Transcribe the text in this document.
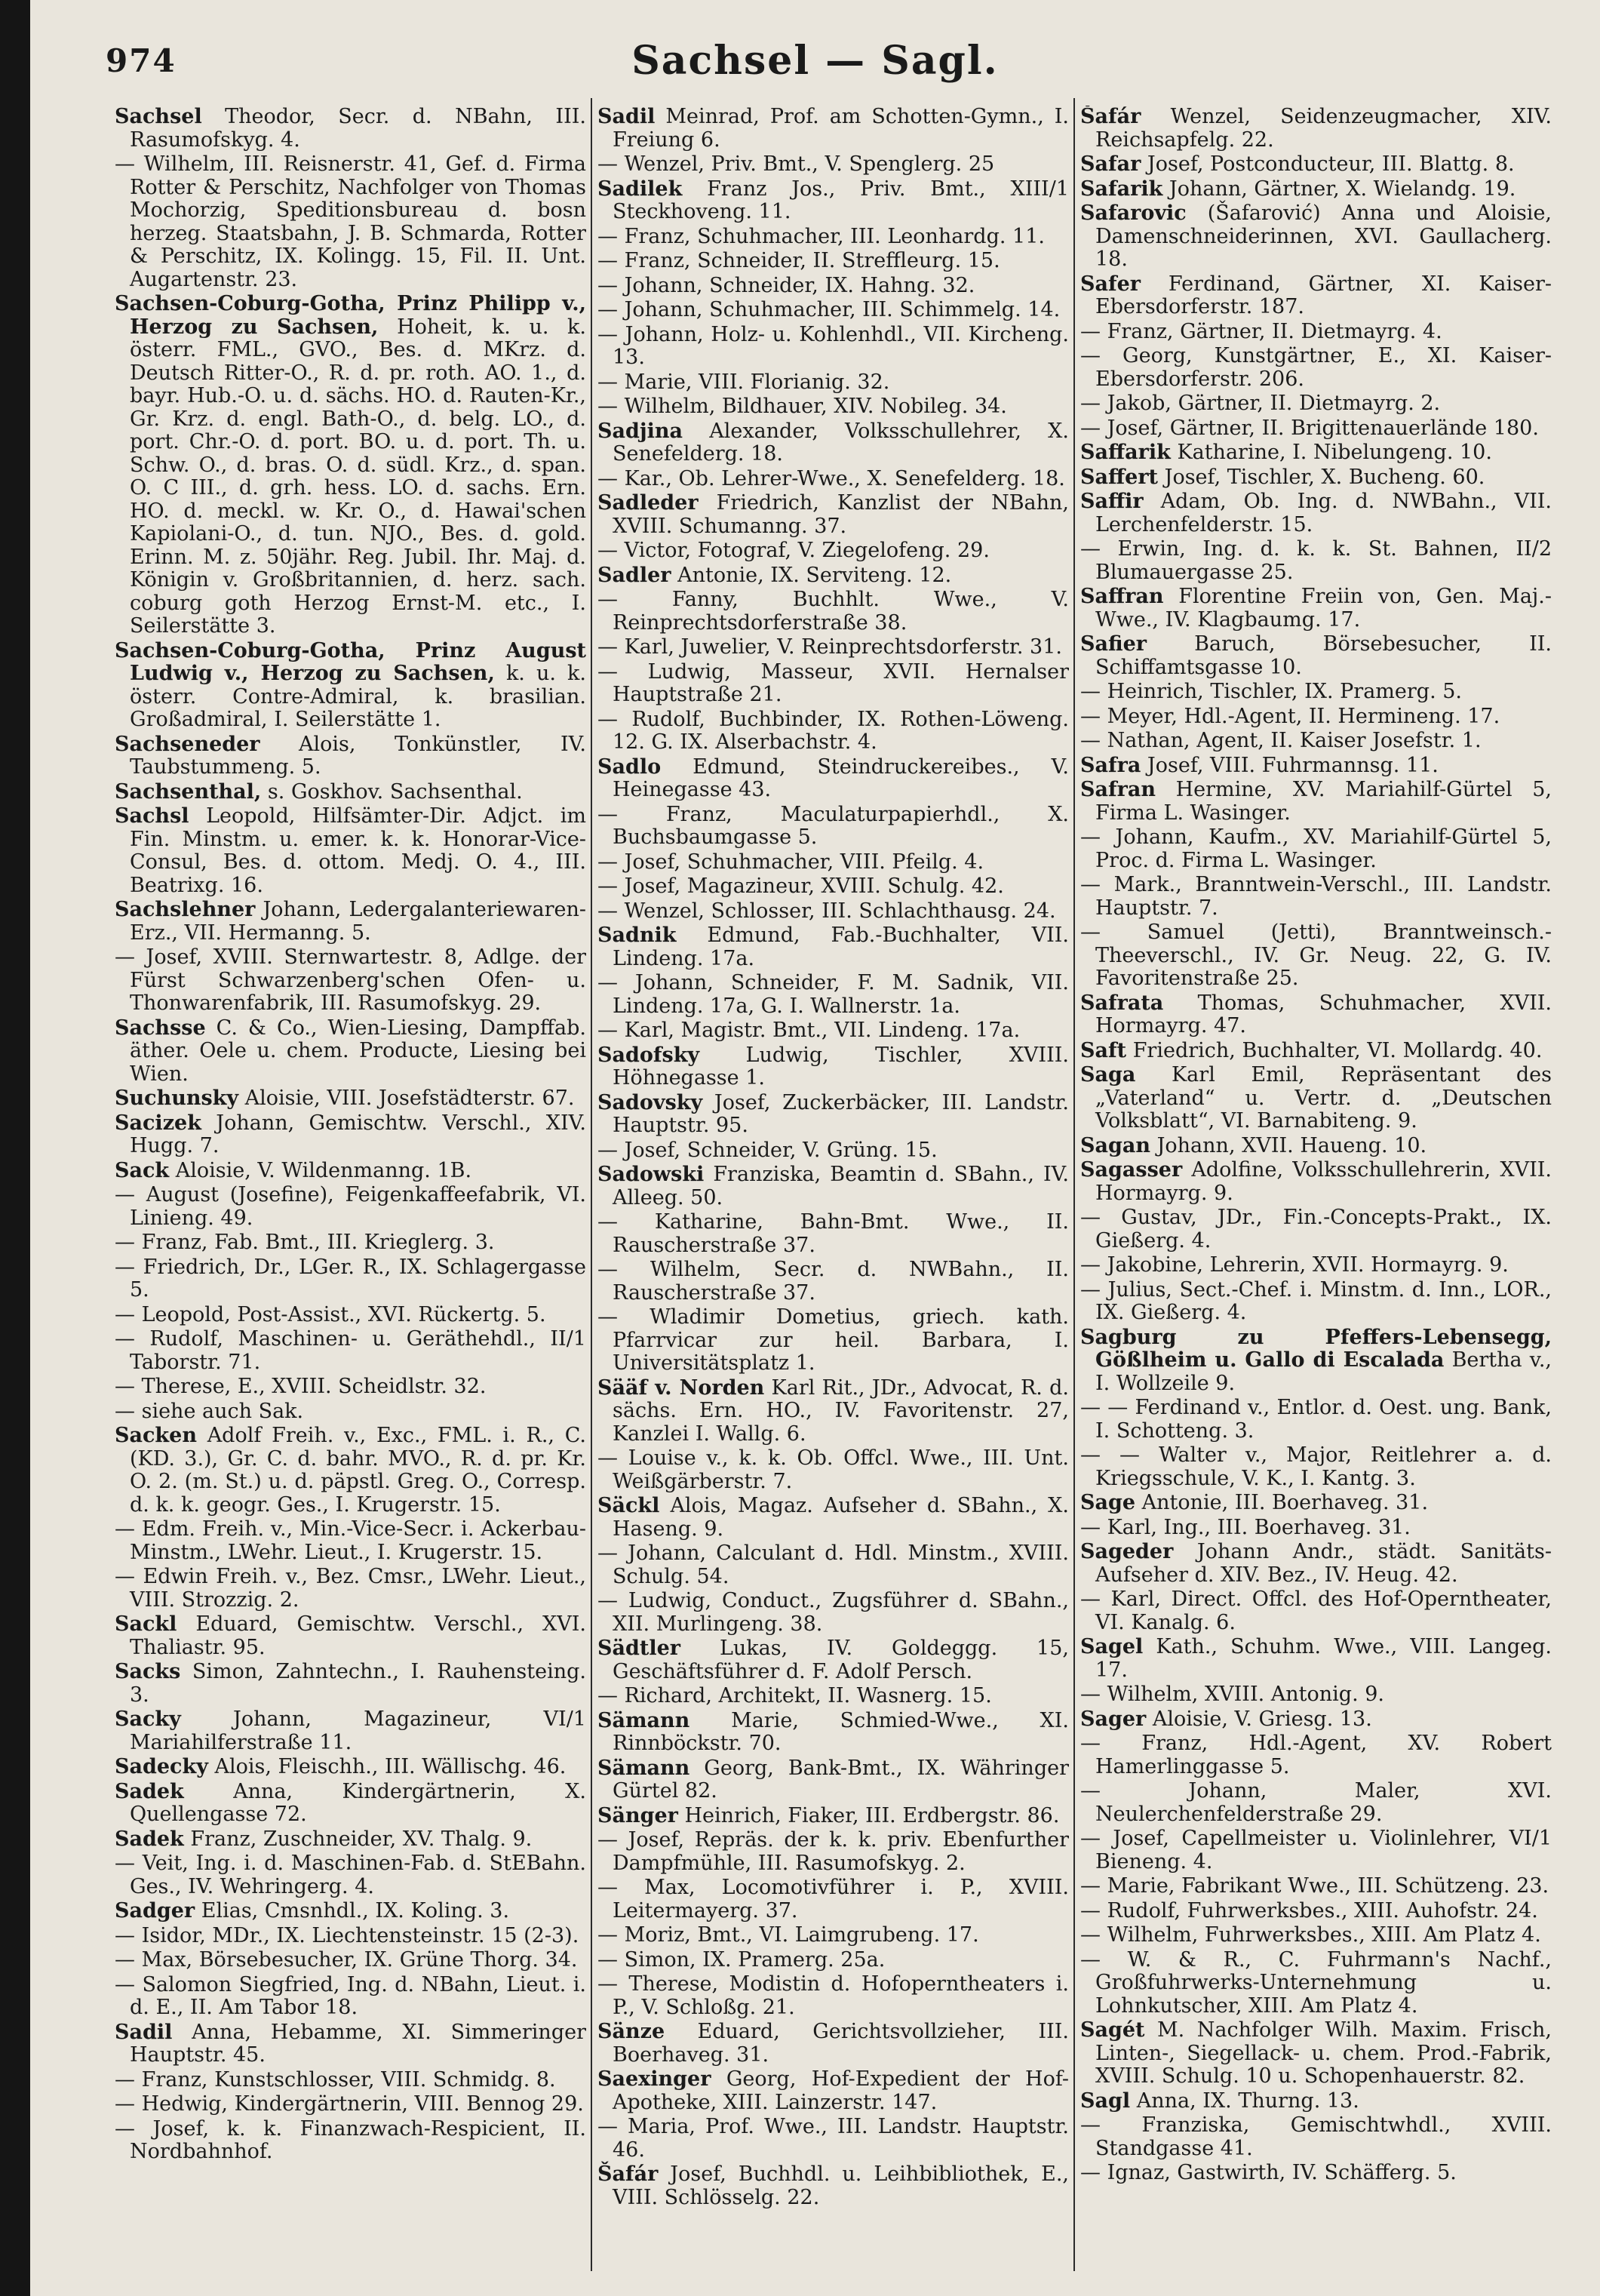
974	Sachsel — Sagl.
Sachsel Theodor, Secr. d. NBahn, III. Rasumofskyg. 4.
— Wilhelm, III. Reisnerstr. 41, Gef. d. Firma Rotter & Perschitz, Nachfolger von Thomas Mochorzig, Speditionsbureau d. bosn herzeg. Staatsbahn, J. B. Schmarda, Rotter & Perschitz, IX. Kolingg. 15, Fil. II. Unt. Augartenstr. 23.
Sachsen-Coburg-Gotha, Prinz Philipp v., Herzog zu Sachsen, Hoheit, k. u. k. österr. FML., GVO., Bes. d. MKrz. d. Deutsch Ritter-O., R. d. pr. roth. AO. 1., d. bayr. Hub.-O. u. d. sächs. HO. d. Rauten-Kr., Gr. Krz. d. engl. Bath-O., d. belg. LO., d. port. Chr.-O. d. port. BO. u. d. port. Th. u. Schw. O., d. bras. O. d. südl. Krz., d. span. O. C III., d. grh. hess. LO. d. sachs. Ern. HO. d. meckl. w. Kr. O., d. Hawai'schen Kapiolani-O., d. tun. NJO., Bes. d. gold. Erinn. M. z. 50jähr. Reg. Jubil. Ihr. Maj. d. Königin v. Großbritannien, d. herz. sach. coburg goth Herzog Ernst-M. etc., I. Seilerstätte 3.
Sachsen-Coburg-Gotha, Prinz August Ludwig v., Herzog zu Sachsen, k. u. k. österr. Contre-Admiral, k. brasilian. Großadmiral, I. Seilerstätte 1.
Sachseneder Alois, Tonkünstler, IV. Taubstummeng. 5.
Sachsenthal, s. Goskhov. Sachsenthal.
Sachsl Leopold, Hilfsämter-Dir. Adjct. im Fin. Minstm. u. emer. k. k. Honorar-Vice-Consul, Bes. d. ottom. Medj. O. 4., III. Beatrixg. 16.
Sachslehner Johann, Ledergalanteriewaren-Erz., VII. Hermanng. 5.
— Josef, XVIII. Sternwartestr. 8, Adlge. der Fürst Schwarzenberg'schen Ofen- u. Thonwarenfabrik, III. Rasumofskyg. 29.
Sachsse C. & Co., Wien-Liesing, Dampffab. äther. Oele u. chem. Producte, Liesing bei Wien.
Suchunsky Aloisie, VIII. Josefstädterstr. 67.
Sacizek Johann, Gemischtw. Verschl., XIV. Hugg. 7.
Sack Aloisie, V. Wildenmanng. 1B.
— August (Josefine), Feigenkaffeefabrik, VI. Linieng. 49.
— Franz, Fab. Bmt., III. Krieglerg. 3.
— Friedrich, Dr., LGer. R., IX. Schlagergasse 5.
— Leopold, Post-Assist., XVI. Rückertg. 5.
— Rudolf, Maschinen- u. Geräthehdl., II/1 Taborstr. 71.
— Therese, E., XVIII. Scheidlstr. 32.
— siehe auch Sak.
Sacken Adolf Freih. v., Exc., FML. i. R., C. (KD. 3.), Gr. C. d. bahr. MVO., R. d. pr. Kr. O. 2. (m. St.) u. d. päpstl. Greg. O., Corresp. d. k. k. geogr. Ges., I. Krugerstr. 15.
— Edm. Freih. v., Min.-Vice-Secr. i. Ackerbau-Minstm., LWehr. Lieut., I. Krugerstr. 15.
— Edwin Freih. v., Bez. Cmsr., LWehr. Lieut., VIII. Strozzig. 2.
Sackl Eduard, Gemischtw. Verschl., XVI. Thaliastr. 95.
Sacks Simon, Zahntechn., I. Rauhensteing. 3.
Sacky	Johann, Magazineur, VI/1 Mariahilferstraße 11.
Sadecky Alois, Fleischh., III. Wällischg. 46.
Sadek Anna, Kindergärtnerin, X. Quellengasse 72.
Sadek Franz, Zuschneider, XV. Thalg. 9.
— Veit, Ing. i. d. Maschinen-Fab. d. StEBahn. Ges., IV. Wehringerg. 4.
Sadger Elias, Cmsnhdl., IX. Koling. 3.
— Isidor, MDr., IX. Liechtensteinstr. 15 (2-3).
— Max, Börsebesucher, IX. Grüne Thorg. 34.
— Salomon Siegfried, Ing. d. NBahn, Lieut. i. d. E., II. Am Tabor 18.
Sadil Anna, Hebamme, XI. Simmeringer Hauptstr. 45.
— Franz, Kunstschlosser, VIII. Schmidg. 8.
— Hedwig, Kindergärtnerin, VIII. Bennog 29.
— Josef, k. k. Finanzwach-Respicient, II. Nordbahnhof.
Sadil Meinrad, Prof. am Schotten-Gymn., I. Freiung 6.
— Wenzel, Priv. Bmt., V. Spenglerg. 25
Sadilek Franz Jos., Priv. Bmt., XIII/1 Steckhoveng. 11.
— Franz, Schuhmacher, III. Leonhardg. 11.
— Franz, Schneider, II. Streffleurg. 15.
— Johann, Schneider, IX. Hahng. 32.
— Johann, Schuhmacher, III. Schimmelg. 14.
— Johann, Holz- u. Kohlenhdl., VII. Kircheng. 13.
— Marie, VIII. Florianig. 32.
— Wilhelm, Bildhauer, XIV. Nobileg. 34.
Sadjina Alexander, Volksschullehrer, X. Senefelderg. 18.
— Kar., Ob. Lehrer-Wwe., X. Senefelderg. 18.
Sadleder Friedrich, Kanzlist der NBahn, XVIII. Schumanng. 37.
— Victor, Fotograf, V. Ziegelofeng. 29.
Sadler Antonie, IX. Serviteng. 12.
— Fanny, Buchhlt. Wwe., V. Reinprechtsdorferstraße 38.
— Karl, Juwelier, V. Reinprechtsdorferstr. 31.
— Ludwig, Masseur, XVII. Hernalser Hauptstraße 21.
— Rudolf, Buchbinder, IX. Rothen-Löweng. 12. G. IX. Alserbachstr. 4.
Sadlo Edmund, Steindruckereibes., V. Heinegasse 43.
— Franz, Maculaturpapierhdl., X. Buchsbaumgasse 5.
— Josef, Schuhmacher, VIII. Pfeilg. 4.
— Josef, Magazineur, XVIII. Schulg. 42.
— Wenzel, Schlosser, III. Schlachthausg. 24.
Sadnik Edmund, Fab.-Buchhalter, VII. Lindeng. 17a.
— Johann, Schneider, F. M. Sadnik, VII. Lindeng. 17a, G. I. Wallnerstr. 1a.
— Karl, Magistr. Bmt., VII. Lindeng. 17a.
Sadofsky Ludwig, Tischler, XVIII. Höhnegasse 1.
Sadovsky Josef, Zuckerbäcker, III. Landstr. Hauptstr. 95.
— Josef, Schneider, V. Grüng. 15.
Sadowski Franziska, Beamtin d. SBahn., IV. Alleeg. 50.
— Katharine, Bahn-Bmt. Wwe., II. Rauscherstraße 37.
— Wilhelm, Secr. d. NWBahn., II. Rauscherstraße 37.
— Wladimir Dometius, griech. kath. Pfarrvicar zur heil. Barbara, I. Universitätsplatz 1.
Sääf v. Norden Karl Rit., JDr., Advocat, R. d. sächs. Ern. HO., IV. Favoritenstr. 27, Kanzlei I. Wallg. 6.
— Louise v., k. k. Ob. Offcl. Wwe., III. Unt. Weißgärberstr. 7.
Säckl Alois, Magaz. Aufseher d. SBahn., X. Haseng. 9.
— Johann, Calculant d. Hdl. Minstm., XVIII. Schulg. 54.
— Ludwig, Conduct., Zugsführer d. SBahn., XII. Murlingeng. 38.
Sädtler Lukas, IV. Goldeggg. 15, Geschäftsführer d. F. Adolf Persch.
— Richard, Architekt, II. Wasnerg. 15.
Sämann Marie, Schmied-Wwe., XI. Rinnböckstr. 70.
Sämann Georg, Bank-Bmt., IX. Währinger Gürtel 82.
Sänger Heinrich, Fiaker, III. Erdbergstr. 86.
— Josef, Repräs. der k. k. priv. Ebenfurther Dampfmühle, III. Rasumofskyg. 2.
— Max, Locomotivführer i. P., XVIII. Leitermayerg. 37.
— Moriz, Bmt., VI. Laimgrubeng. 17.
— Simon, IX. Pramerg. 25a.
— Therese, Modistin d. Hofoperntheaters i. P., V. Schloßg. 21.
Sänze Eduard, Gerichtsvollzieher, III. Boerhaveg. 31.
Saexinger Georg, Hof-Expedient der Hof-Apotheke, XIII. Lainzerstr. 147.
— Maria, Prof. Wwe., III. Landstr. Hauptstr. 46.
Šafár Josef, Buchhdl. u. Leihbibliothek, E., VIII. Schlösselg. 22.
Šafár Wenzel, Seidenzeugmacher, XIV. Reichsapfelg. 22.
Safar Josef, Postconducteur, III. Blattg. 8.
Safarik Johann, Gärtner, X. Wielandg. 19.
Safarovic (Šafarović) Anna und Aloisie, Damenschneiderinnen, XVI. Gaullacherg. 18.
Safer Ferdinand, Gärtner, XI. Kaiser-Ebersdorferstr. 187.
— Franz, Gärtner, II. Dietmayrg. 4.
— Georg, Kunstgärtner, E., XI. Kaiser-Ebersdorferstr. 206.
— Jakob, Gärtner, II. Dietmayrg. 2.
— Josef, Gärtner, II. Brigittenauerlände 180.
Saffarik Katharine, I. Nibelungeng. 10.
Saffert Josef, Tischler, X. Bucheng. 60.
Saffir Adam, Ob. Ing. d. NWBahn., VII. Lerchenfelderstr. 15.
— Erwin, Ing. d. k. k. St. Bahnen, II/2 Blumauergasse 25.
Saffran Florentine Freiin von, Gen. Maj.-Wwe., IV. Klagbaumg. 17.
Safier Baruch, Börsebesucher, II. Schiffamtsgasse 10.
— Heinrich, Tischler, IX. Pramerg. 5.
— Meyer, Hdl.-Agent, II. Hermineng. 17.
— Nathan, Agent, II. Kaiser Josefstr. 1.
Safra Josef, VIII. Fuhrmannsg. 11.
Safran Hermine, XV. Mariahilf-Gürtel 5, Firma L. Wasinger.
— Johann, Kaufm., XV. Mariahilf-Gürtel 5, Proc. d. Firma L. Wasinger.
— Mark., Branntwein-Verschl., III. Landstr. Hauptstr. 7.
— Samuel (Jetti), Branntweinsch.-Theeverschl., IV. Gr. Neug. 22, G. IV. Favoritenstraße 25.
Safrata Thomas, Schuhmacher, XVII. Hormayrg. 47.
Saft Friedrich, Buchhalter, VI. Mollardg. 40.
Saga Karl Emil, Repräsentant des „Vaterland“ u. Vertr. d. „Deutschen Volksblatt“, VI. Barnabiteng. 9.
Sagan Johann, XVII. Haueng. 10.
Sagasser Adolfine, Volksschullehrerin, XVII. Hormayrg. 9.
— Gustav, JDr., Fin.-Concepts-Prakt., IX. Gießerg. 4.
— Jakobine, Lehrerin, XVII. Hormayrg. 9.
— Julius, Sect.-Chef. i. Minstm. d. Inn., LOR., IX. Gießerg. 4.
Sagburg zu Pfeffers-Lebensegg, Gößlheim u. Gallo di Escalada Bertha v., I. Wollzeile 9.
— — Ferdinand v., Entlor. d. Oest. ung. Bank, I. Schotteng. 3.
— — Walter v., Major, Reitlehrer a. d. Kriegsschule, V. K., I. Kantg. 3.
Sage Antonie, III. Boerhaveg. 31.
— Karl, Ing., III. Boerhaveg. 31.
Sageder Johann Andr., städt. Sanitäts-Aufseher d. XIV. Bez., IV. Heug. 42.
— Karl, Direct. Offcl. des Hof-Operntheater, VI. Kanalg. 6.
Sagel Kath., Schuhm. Wwe., VIII. Langeg. 17.
— Wilhelm, XVIII. Antonig. 9.
Sager Aloisie, V. Griesg. 13.
— Franz, Hdl.-Agent, XV. Robert Hamerlinggasse 5.
— Johann, Maler, XVI. Neulerchenfelderstraße 29.
— Josef, Capellmeister u. Violinlehrer, VI/1 Bieneng. 4.
— Marie, Fabrikant Wwe., III. Schützeng. 23.
— Rudolf, Fuhrwerksbes., XIII. Auhofstr. 24.
— Wilhelm, Fuhrwerksbes., XIII. Am Platz 4.
— W. & R., C. Fuhrmann's Nachf., Großfuhrwerks-Unternehmung u. Lohnkutscher, XIII. Am Platz 4.
Sagét M. Nachfolger Wilh. Maxim. Frisch, Linten-, Siegellack- u. chem. Prod.-Fabrik, XVIII. Schulg. 10 u. Schopenhauerstr. 82.
Sagl Anna, IX. Thurng. 13.
— Franziska, Gemischtwhdl., XVIII. Standgasse 41.
— Ignaz, Gastwirth, IV. Schäfferg. 5.
